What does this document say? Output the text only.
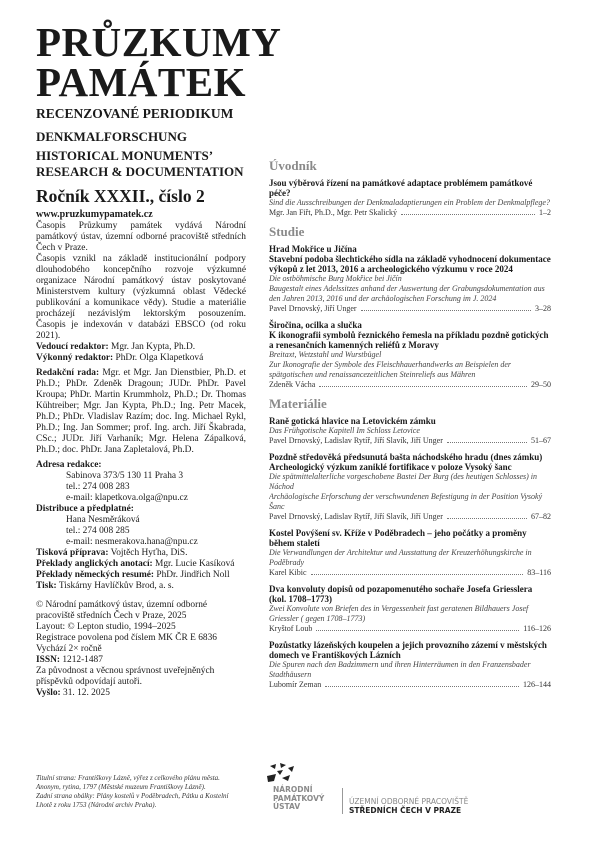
PRŮZKUMY
PAMÁTEK
RECENZOVANÉ PERIODIKUM
DENKMALFORSCHUNG
HISTORICAL MONUMENTS’
RESEARCH & DOCUMENTATION
Ročník XXXII., číslo 2
www.pruzkumypamatek.cz
Časopis Průzkumy památek vydává Národní památkový ústav, územní odborné pracoviště středních Čech v Praze.
Časopis vznikl na základě institucionální podpory dlouhodobého koncepčního rozvoje výzkumné organizace Národní památkový ústav poskytované Ministerstvem kultury (výzkumná oblast Vědecké publikování a komunikace vědy). Studie a materiálie procházejí nezávislým lektorským posouzením. Časopis je indexován v databázi EBSCO (od roku 2021).
Vedoucí redaktor: Mgr. Jan Kypta, Ph.D.
Výkonný redaktor: PhDr. Olga Klapetková
Redakční rada: Mgr. et Mgr. Jan Dienstbier, Ph.D. et Ph.D.; PhDr. Zdeněk Dragoun; JUDr. PhDr. Pavel Kroupa; PhDr. Martin Krummholz, Ph.D.; Dr. Thomas Kühtreiber; Mgr. Jan Kypta, Ph.D.; Ing. Petr Macek, Ph.D.; PhDr. Vladislav Razím; doc. Ing. Michael Rykl, Ph.D.; Ing. Jan Sommer; prof. Ing. arch. Jiří Škabrada, CSc.; JUDr. Jiří Varhaník; Mgr. Helena Zápalková, Ph.D.; doc. PhDr. Jana Zapletalová, Ph.D.
Adresa redakce:
Sabinova 373/5 130 11 Praha 3
tel.: 274 008 283
e-mail: klapetkova.olga@npu.cz
Distribuce a předplatné:
Hana Nesměráková
tel.: 274 008 285
e-mail: nesmerakova.hana@npu.cz
Tisková příprava: Vojtěch Hyťha, DiS.
Překlady anglických anotací: Mgr. Lucie Kasíková
Překlady německých resumé: PhDr. Jindřich Noll
Tisk: Tiskárny Havlíčkův Brod, a. s.
© Národní památkový ústav, územní odborné pracoviště středních Čech v Praze, 2025
Layout: © Lepton studio, 1994–2025
Registrace povolena pod číslem MK ČR E 6836
Vychází 2× ročně
ISSN: 1212-1487
Za původnost a věcnou správnost uveřejněných příspěvků odpovídají autoři.
Vyšlo: 31. 12. 2025
Titulní strana: Františkovy Lázně, výřez z celkového plánu města. Anonym, rytina, 1797 (Městské muzeum Františkovy Lázně).
Zadní strana obálky: Plány kostelů v Poděbradech, Pátku a Kostelní Lhotě z roku 1753 (Národní archiv Praha).
Úvodník
Jsou výběrová řízení na památkové adaptace problémem památkové péče?
Sind die Ausschreibungen der Denkmaladaptierungen ein Problem der Denkmalpflege?
Mgr. Jan Fiřt, Ph.D., Mgr. Petr Skalický	1–2
Studie
Hrad Mokřice u Jičína
Stavební podoba šlechtického sídla na základě vyhodnocení dokumentace výkopů z let 2013, 2016 a archeologického výzkumu v roce 2024
Die ostböhmische Burg Mokřice bei Jičín
Baugestalt eines Adelssitzes anhand der Auswertung der Grabungsdokumentation aus den Jahren 2013, 2016 und der archäologischen Forschung im J. 2024
Pavel Drnovský, Jiří Unger	3–28
Širočina, ocilka a slučka
K ikonografii symbolů řeznického řemesla na příkladu pozdně gotických a renesančních kamenných reliéfů z Moravy
Breitaxt, Wetzstahl und Wurstbügel
Zur Ikonografie der Symbole des Fleischhauerhandwerks an Beispielen der spätgotischen und renaissancezeitlichen Steinreliefs aus Mähren
Zdeněk Vácha	29–50
Materiálie
Raně gotická hlavice na Letovickém zámku
Das Frühgotische Kapitell Im Schloss Letovice
Pavel Drnovský, Ladislav Rytíř, Jiří Slavík, Jiří Unger	51–67
Pozdně středověká předsunutá bašta náchodského hradu (dnes zámku)
Archeologický výzkum zaniklé fortifikace v poloze Vysoký šanc
Die spätmittelalterliche vorgeschobene Bastei Der Burg (des heutigen Schlosses) in Náchod
Archäologische Erforschung der verschwundenen Befestigung in der Position Vysoký Šanc
Pavel Drnovský, Ladislav Rytíř, Jiří Slavík, Jiří Unger	67–82
Kostel Povýšení sv. Kříže v Poděbradech – jeho počátky a proměny během staletí
Die Verwandlungen der Architektur und Ausstattung der Kreuzerhöhungskirche in Poděbrady
Karel Kibic	83–116
Dva konvoluty dopisů od pozapomenutého sochaře Josefa Griesslera (kol. 1708–1773)
Zwei Konvolute von Briefen des in Vergessenheit fast geratenen Bildhauers Josef Griessler ( gegen 1708–1773)
Kryštof Loub	116–126
Pozůstatky lázeňských koupelen a jejich provozního zázemí v městských domech ve Františkových Lázních
Die Spuren nach den Badzimmern und ihren Hinterräumen in den Franzensbader Stadthäusern
Lubomír Zeman	126–144
NÁRODNÍ PAMÁTKOVÝ ÚSTAV
ÚZEMNÍ ODBORNÉ PRACOVIŠTĚ
STŘEDNÍCH ČECH V PRAZE
